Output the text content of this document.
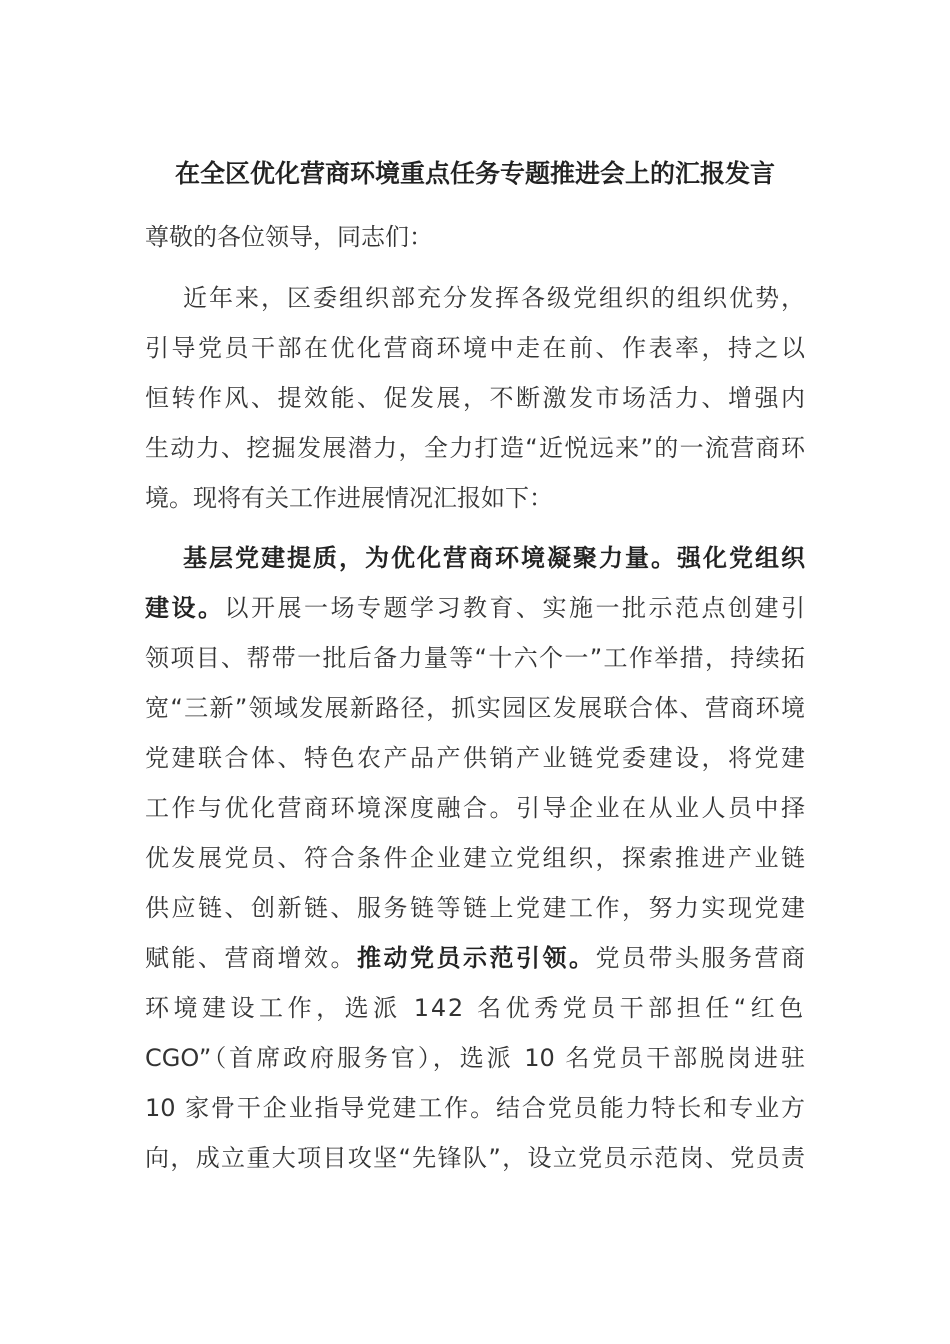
在全区优化营商环境重点任务专题推进会上的汇报发言
尊敬的各位领导，同志们：
近年来，区委组织部充分发挥各级党组织的组织优势，
引导党员干部在优化营商环境中走在前、作表率，持之以
恒转作风、提效能、促发展，不断激发市场活力、增强内
生动力、挖掘发展潜力，全力打造“近悦远来”的一流营商环
境。现将有关工作进展情况汇报如下：
基层党建提质，为优化营商环境凝聚力量。强化党组织
建设。以开展一场专题学习教育、实施一批示范点创建引
领项目、帮带一批后备力量等“十六个一”工作举措，持续拓
宽“三新”领域发展新路径，抓实园区发展联合体、营商环境
党建联合体、特色农产品产供销产业链党委建设，将党建
工作与优化营商环境深度融合。引导企业在从业人员中择
优发展党员、符合条件企业建立党组织，探索推进产业链
供应链、创新链、服务链等链上党建工作，努力实现党建
赋能、营商增效。推动党员示范引领。党员带头服务营商
环境建设工作，选派 142 名优秀党员干部担任“红色
CGO”（首席政府服务官），选派 10 名党员干部脱岗进驻
10 家骨干企业指导党建工作。结合党员能力特长和专业方
向，成立重大项目攻坚“先锋队”，设立党员示范岗、党员责
